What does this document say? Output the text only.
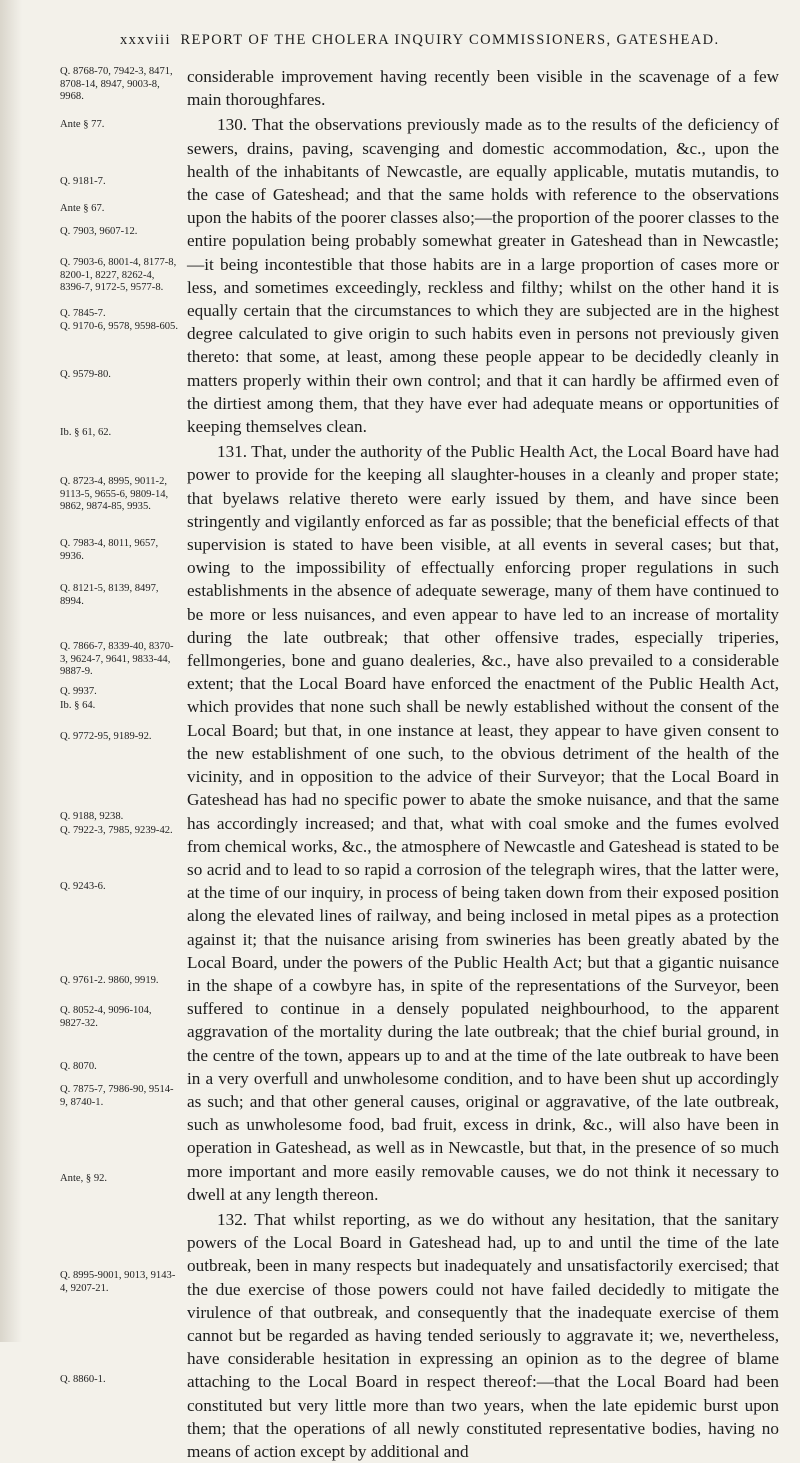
xxxviii REPORT OF THE CHOLERA INQUIRY COMMISSIONERS, GATESHEAD.
Q. 8768-70, 7942-3, 8471, 8708-14, 8947, 9003-8, 9968.
Ante § 77.
Q. 9181-7.
Ante § 67.
Q. 7903, 9607-12.
Q. 7903-6, 8001-4, 8177-8, 8200-1, 8227, 8262-4, 8396-7, 9172-5, 9577-8.
Q. 7845-7.
Q. 9170-6, 9578, 9598-605.
Q. 9579-80.
Ib. § 61, 62.
Q. 8723-4, 8995, 9011-2, 9113-5, 9655-6, 9809-14, 9862, 9874-85, 9935.
Q. 7983-4, 8011, 9657, 9936.
Q. 8121-5, 8139, 8497, 8994.
Q. 7866-7, 8339-40, 8370-3, 9624-7, 9641, 9833-44, 9887-9.
Q. 9937.
Ib. § 64.
Q. 9772-95, 9189-92.
Q. 9188, 9238.
Q. 7922-3, 7985, 9239-42.
Q. 9243-6.
Q. 9761-2. 9860, 9919.
Q. 8052-4, 9096-104, 9827-32.
Q. 8070.
Q. 7875-7, 7986-90, 9514-9, 8740-1.
Ante, § 92.
Q. 8995-9001, 9013, 9143-4, 9207-21.
Q. 8860-1.

considerable improvement having recently been visible in the scavenage of a few main thoroughfares.

130. That the observations previously made as to the results of the deficiency of sewers, drains, paving, scavenging and domestic accommodation, &c., upon the health of the inhabitants of Newcastle, are equally applicable, mutatis mutandis, to the case of Gateshead; and that the same holds with reference to the observations upon the habits of the poorer classes also;—the proportion of the poorer classes to the entire population being probably somewhat greater in Gateshead than in Newcastle;—it being incontestible that those habits are in a large proportion of cases more or less, and sometimes exceedingly, reckless and filthy; whilst on the other hand it is equally certain that the circumstances to which they are subjected are in the highest degree calculated to give origin to such habits even in persons not previously given thereto: that some, at least, among these people appear to be decidedly cleanly in matters properly within their own control; and that it can hardly be affirmed even of the dirtiest among them, that they have ever had adequate means or opportunities of keeping themselves clean.

131. That, under the authority of the Public Health Act, the Local Board have had power to provide for the keeping all slaughter-houses in a cleanly and proper state; that byelaws relative thereto were early issued by them, and have since been stringently and vigilantly enforced as far as possible; that the beneficial effects of that supervision is stated to have been visible, at all events in several cases; but that, owing to the impossibility of effectually enforcing proper regulations in such establishments in the absence of adequate sewerage, many of them have continued to be more or less nuisances, and even appear to have led to an increase of mortality during the late outbreak; that other offensive trades, especially triperies, fellmongeries, bone and guano dealeries, &c., have also prevailed to a considerable extent; that the Local Board have enforced the enactment of the Public Health Act, which provides that none such shall be newly established without the consent of the Local Board; but that, in one instance at least, they appear to have given consent to the new establishment of one such, to the obvious detriment of the health of the vicinity, and in opposition to the advice of their Surveyor; that the Local Board in Gateshead has had no specific power to abate the smoke nuisance, and that the same has accordingly increased; and that, what with coal smoke and the fumes evolved from chemical works, &c., the atmosphere of Newcastle and Gateshead is stated to be so acrid and to lead to so rapid a corrosion of the telegraph wires, that the latter were, at the time of our inquiry, in process of being taken down from their exposed position along the elevated lines of railway, and being inclosed in metal pipes as a protection against it; that the nuisance arising from swineries has been greatly abated by the Local Board, under the powers of the Public Health Act; but that a gigantic nuisance in the shape of a cowbyre has, in spite of the representations of the Surveyor, been suffered to continue in a densely populated neighbourhood, to the apparent aggravation of the mortality during the late outbreak; that the chief burial ground, in the centre of the town, appears up to and at the time of the late outbreak to have been in a very overfull and unwholesome condition, and to have been shut up accordingly as such; and that other general causes, original or aggravative, of the late outbreak, such as unwholesome food, bad fruit, excess in drink, &c., will also have been in operation in Gateshead, as well as in Newcastle, but that, in the presence of so much more important and more easily removable causes, we do not think it necessary to dwell at any length thereon.

132. That whilst reporting, as we do without any hesitation, that the sanitary powers of the Local Board in Gateshead had, up to and until the time of the late outbreak, been in many respects but inadequately and unsatisfactorily exercised; that the due exercise of those powers could not have failed decidedly to mitigate the virulence of that outbreak, and consequently that the inadequate exercise of them cannot but be regarded as having tended seriously to aggravate it; we, nevertheless, have considerable hesitation in expressing an opinion as to the degree of blame attaching to the Local Board in respect thereof:—that the Local Board had been constituted but very little more than two years, when the late epidemic burst upon them; that the operations of all newly constituted representative bodies, having no means of action except by additional and
